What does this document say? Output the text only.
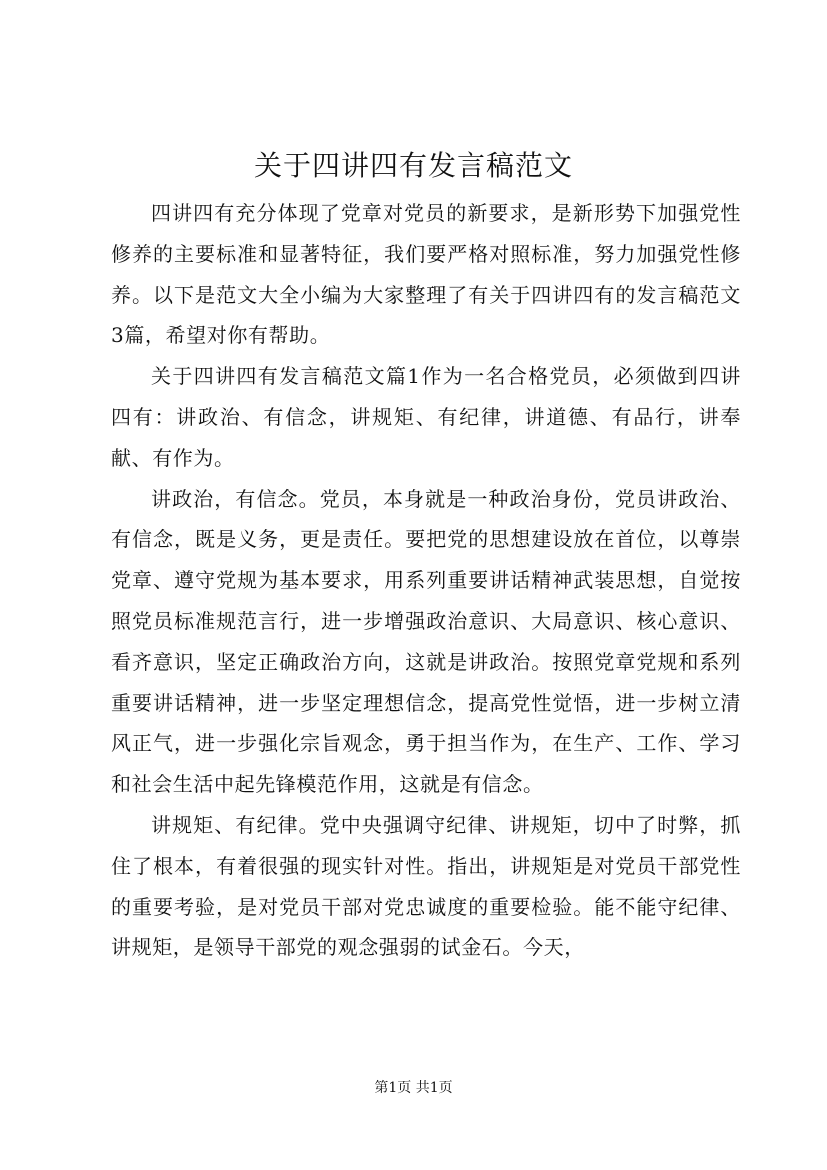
关于四讲四有发言稿范文

四讲四有充分体现了党章对党员的新要求，是新形势下加强党性修养的主要标准和显著特征，我们要严格对照标准，努力加强党性修养。以下是范文大全小编为大家整理了有关于四讲四有的发言稿范文3篇，希望对你有帮助。

关于四讲四有发言稿范文篇1作为一名合格党员，必须做到四讲四有：讲政治、有信念，讲规矩、有纪律，讲道德、有品行，讲奉献、有作为。

讲政治，有信念。党员，本身就是一种政治身份，党员讲政治、有信念，既是义务，更是责任。要把党的思想建设放在首位，以尊崇党章、遵守党规为基本要求，用系列重要讲话精神武装思想，自觉按照党员标准规范言行，进一步增强政治意识、大局意识、核心意识、看齐意识，坚定正确政治方向，这就是讲政治。按照党章党规和系列重要讲话精神，进一步坚定理想信念，提高党性觉悟，进一步树立清风正气，进一步强化宗旨观念，勇于担当作为，在生产、工作、学习和社会生活中起先锋模范作用，这就是有信念。

讲规矩、有纪律。党中央强调守纪律、讲规矩，切中了时弊，抓住了根本，有着很强的现实针对性。指出，讲规矩是对党员干部党性的重要考验，是对党员干部对党忠诚度的重要检验。能不能守纪律、讲规矩，是领导干部党的观念强弱的试金石。今天，

第1页 共1页
